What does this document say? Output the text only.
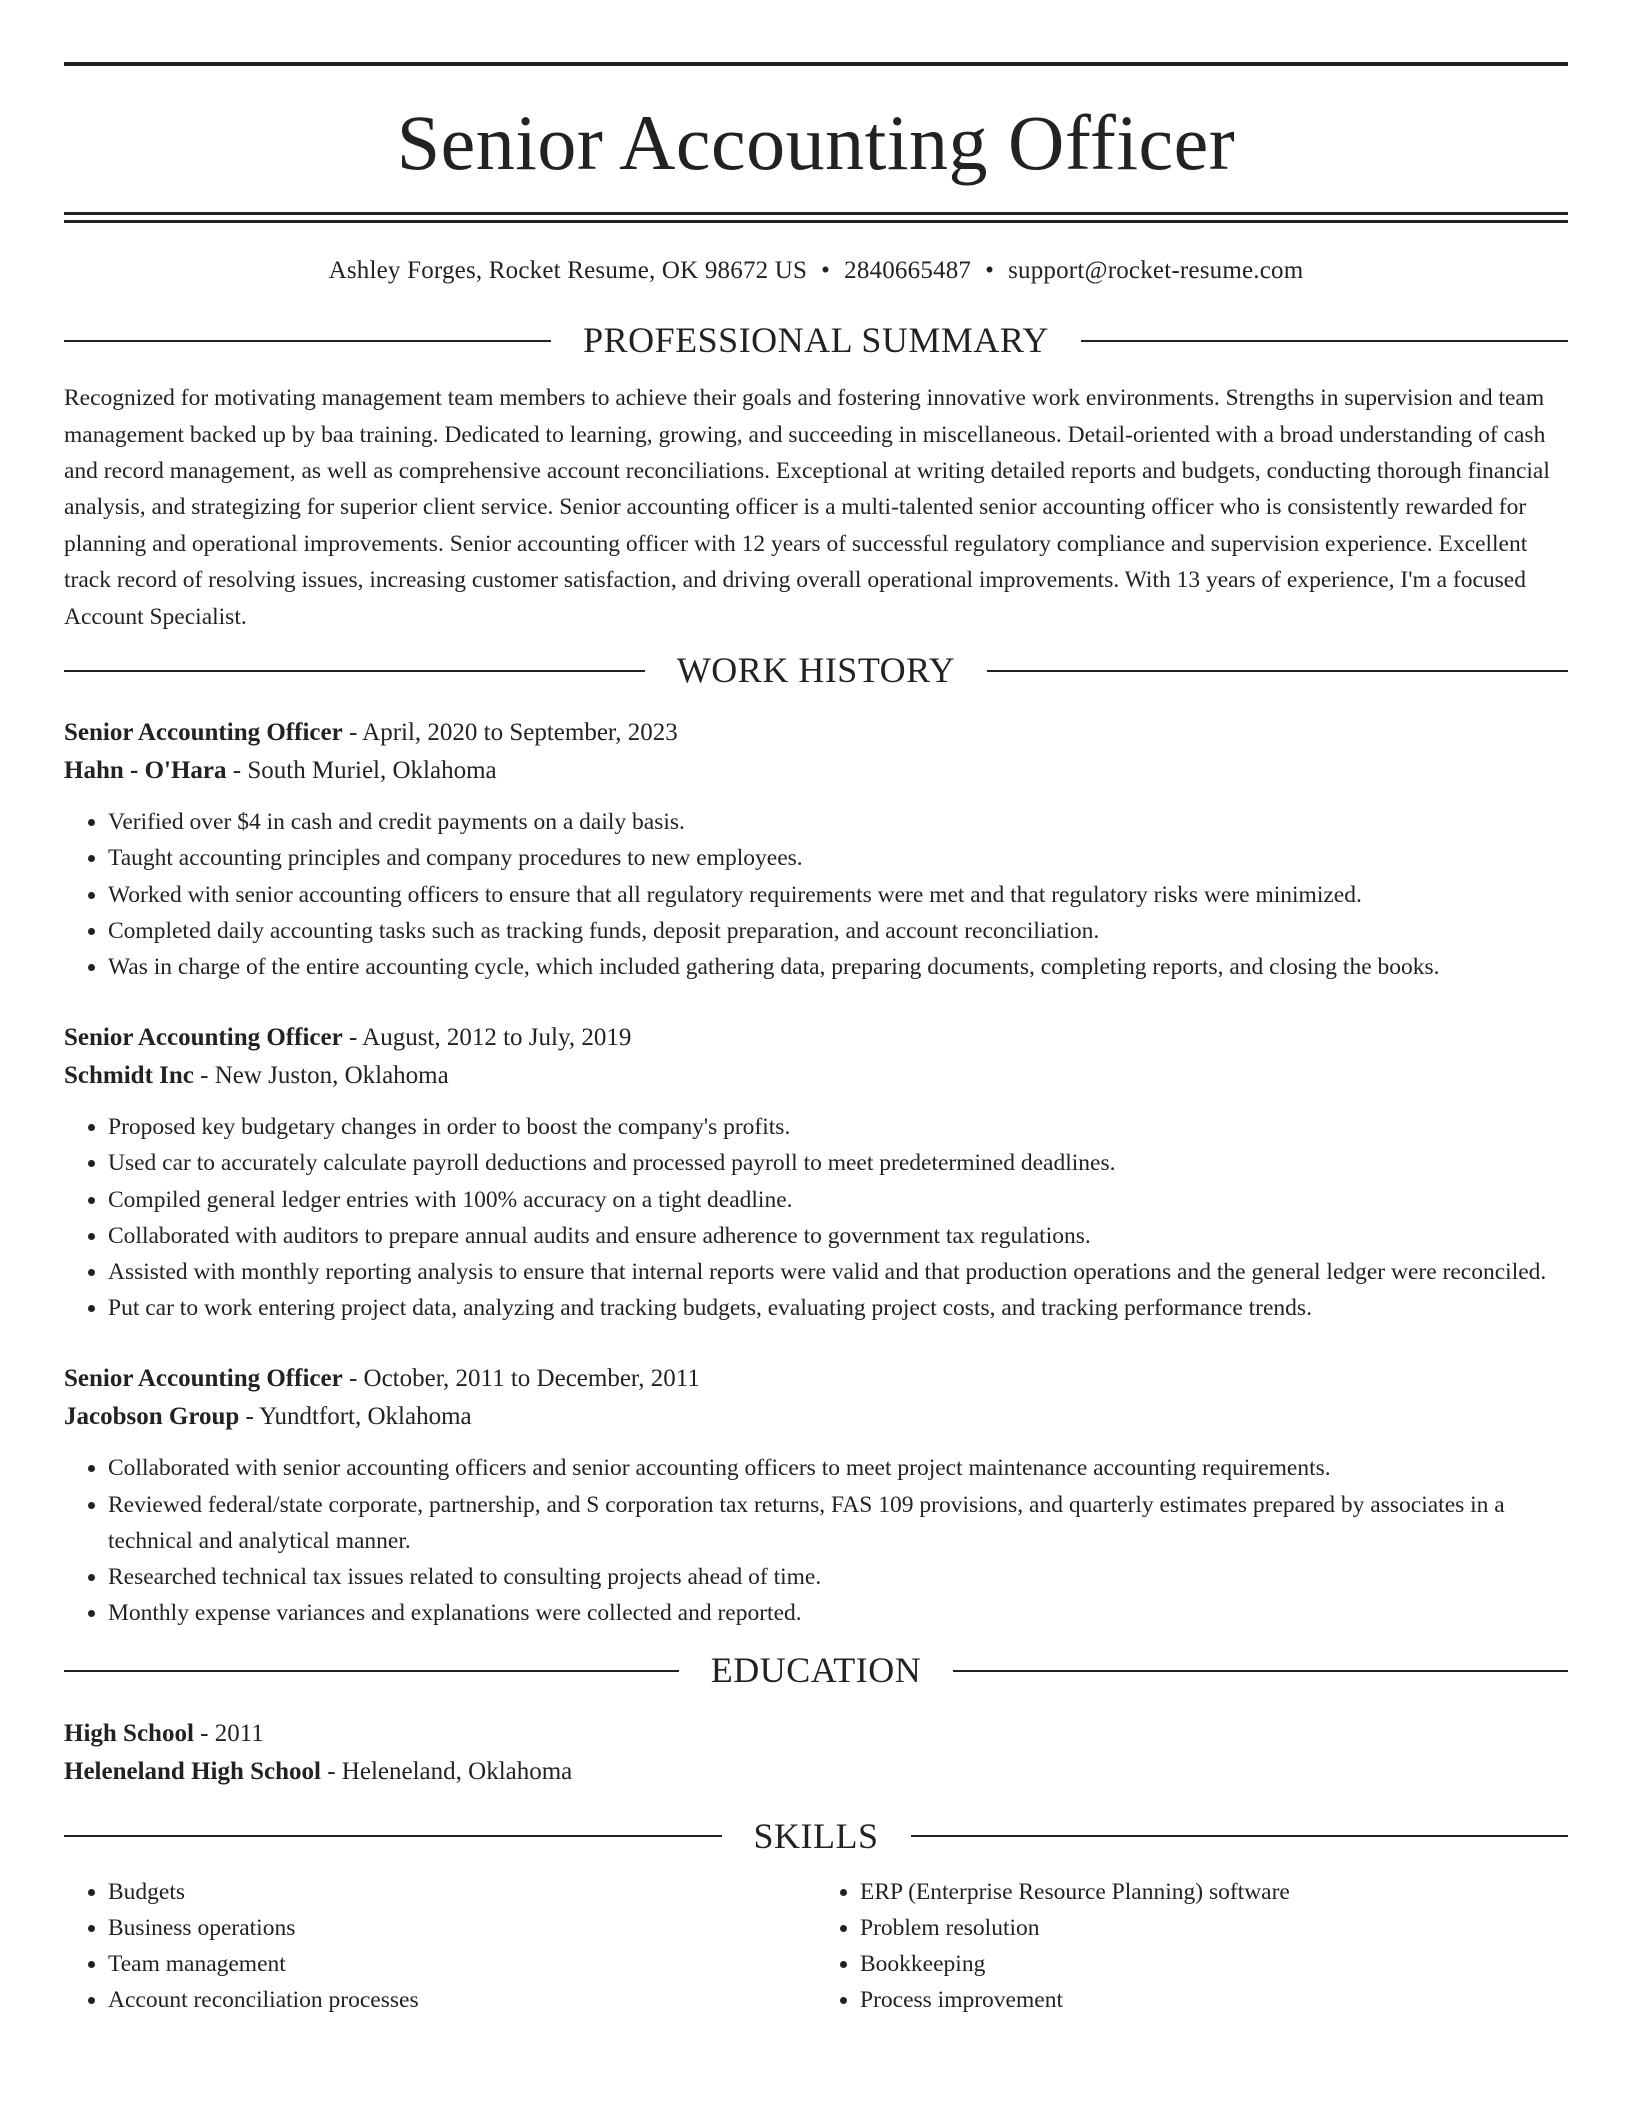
Senior Accounting Officer
Ashley Forges, Rocket Resume, OK 98672 US • 2840665487 • support@rocket-resume.com
PROFESSIONAL SUMMARY

Recognized for motivating management team members to achieve their goals and fostering innovative work environments. Strengths in supervision and team management backed up by baa training. Dedicated to learning, growing, and succeeding in miscellaneous. Detail-oriented with a broad understanding of cash and record management, as well as comprehensive account reconciliations. Exceptional at writing detailed reports and budgets, conducting thorough financial analysis, and strategizing for superior client service. Senior accounting officer is a multi-talented senior accounting officer who is consistently rewarded for planning and operational improvements. Senior accounting officer with 12 years of successful regulatory compliance and supervision experience. Excellent track record of resolving issues, increasing customer satisfaction, and driving overall operational improvements. With 13 years of experience, I'm a focused Account Specialist.

WORK HISTORY
Senior Accounting Officer - April, 2020 to September, 2023
Hahn - O'Hara - South Muriel, Oklahoma
• Verified over $4 in cash and credit payments on a daily basis.
• Taught accounting principles and company procedures to new employees.
• Worked with senior accounting officers to ensure that all regulatory requirements were met and that regulatory risks were minimized.
• Completed daily accounting tasks such as tracking funds, deposit preparation, and account reconciliation.
• Was in charge of the entire accounting cycle, which included gathering data, preparing documents, completing reports, and closing the books.
Senior Accounting Officer - August, 2012 to July, 2019
Schmidt Inc - New Juston, Oklahoma
• Proposed key budgetary changes in order to boost the company's profits.
• Used car to accurately calculate payroll deductions and processed payroll to meet predetermined deadlines.
• Compiled general ledger entries with 100% accuracy on a tight deadline.
• Collaborated with auditors to prepare annual audits and ensure adherence to government tax regulations.
• Assisted with monthly reporting analysis to ensure that internal reports were valid and that production operations and the general ledger were reconciled.
• Put car to work entering project data, analyzing and tracking budgets, evaluating project costs, and tracking performance trends.
Senior Accounting Officer - October, 2011 to December, 2011
Jacobson Group - Yundtfort, Oklahoma
• Collaborated with senior accounting officers and senior accounting officers to meet project maintenance accounting requirements.
• Reviewed federal/state corporate, partnership, and S corporation tax returns, FAS 109 provisions, and quarterly estimates prepared by associates in a technical and analytical manner.
• Researched technical tax issues related to consulting projects ahead of time.
• Monthly expense variances and explanations were collected and reported.
EDUCATION
High School - 2011
Heleneland High School - Heleneland, Oklahoma
SKILLS
• Budgets
• Business operations
• Team management
• Account reconciliation processes
• ERP (Enterprise Resource Planning) software
• Problem resolution
• Bookkeeping
• Process improvement
